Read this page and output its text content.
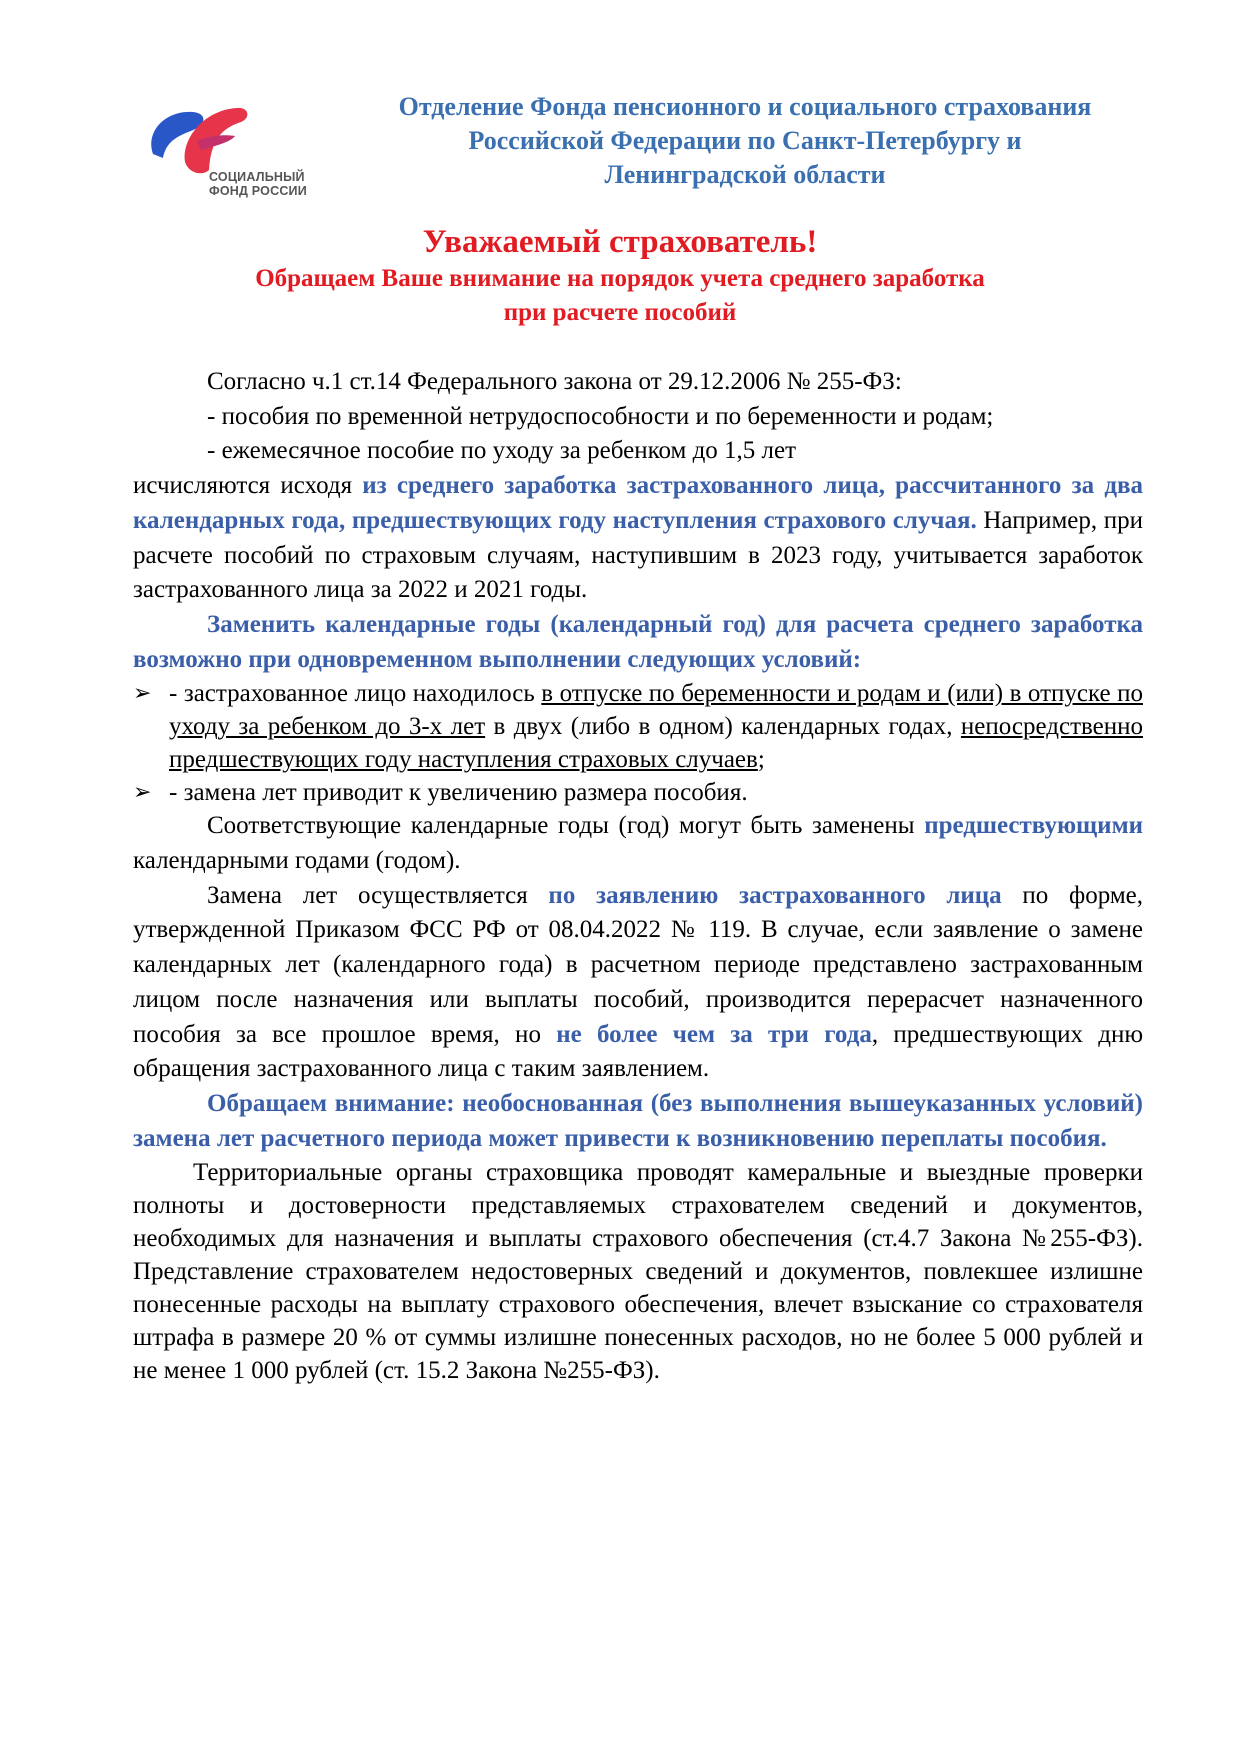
СОЦИАЛЬНЫЙ
ФОНД РОССИИ
Отделение Фонда пенсионного и социального страхования
Российской Федерации по Санкт-Петербургу и
Ленинградской области
Уважаемый страхователь!
Обращаем Ваше внимание на порядок учета среднего заработка
при расчете пособий

Согласно ч.1 ст.14 Федерального закона от 29.12.2006 № 255-ФЗ:

- пособия по временной нетрудоспособности и по беременности и родам;

- ежемесячное пособие по уходу за ребенком до 1,5 лет

исчисляются исходя из среднего заработка застрахованного лица, рассчитанного за два календарных года, предшествующих году наступления страхового случая. Например, при расчете пособий по страховым случаям, наступившим в 2023 году, учитывается заработок застрахованного лица за 2022 и 2021 годы.

Заменить календарные годы (календарный год) для расчета среднего заработка возможно при одновременном выполнении следующих условий:

➢ - застрахованное лицо находилось в отпуске по беременности и родам и (или) в отпуске по уходу за ребенком до 3-х лет в двух (либо в одном) календарных годах, непосредственно предшествующих году наступления страховых случаев;

➢ - замена лет приводит к увеличению размера пособия.

Соответствующие календарные годы (год) могут быть заменены предшествующими календарными годами (годом).

Замена лет осуществляется по заявлению застрахованного лица по форме, утвержденной Приказом ФСС РФ от 08.04.2022 № 119. В случае, если заявление о замене календарных лет (календарного года) в расчетном периоде представлено застрахованным лицом после назначения или выплаты пособий, производится перерасчет назначенного пособия за все прошлое время, но не более чем за три года, предшествующих дню обращения застрахованного лица с таким заявлением.

Обращаем внимание: необоснованная (без выполнения вышеуказанных условий) замена лет расчетного периода может привести к возникновению переплаты пособия.

Территориальные органы страховщика проводят камеральные и выездные проверки полноты и достоверности представляемых страхователем сведений и документов, необходимых для назначения и выплаты страхового обеспечения (ст.4.7 Закона №255-ФЗ). Представление страхователем недостоверных сведений и документов, повлекшее излишне понесенные расходы на выплату страхового обеспечения, влечет взыскание со страхователя штрафа в размере 20 % от суммы излишне понесенных расходов, но не более 5 000 рублей и не менее 1 000 рублей (ст. 15.2 Закона №255-ФЗ).
